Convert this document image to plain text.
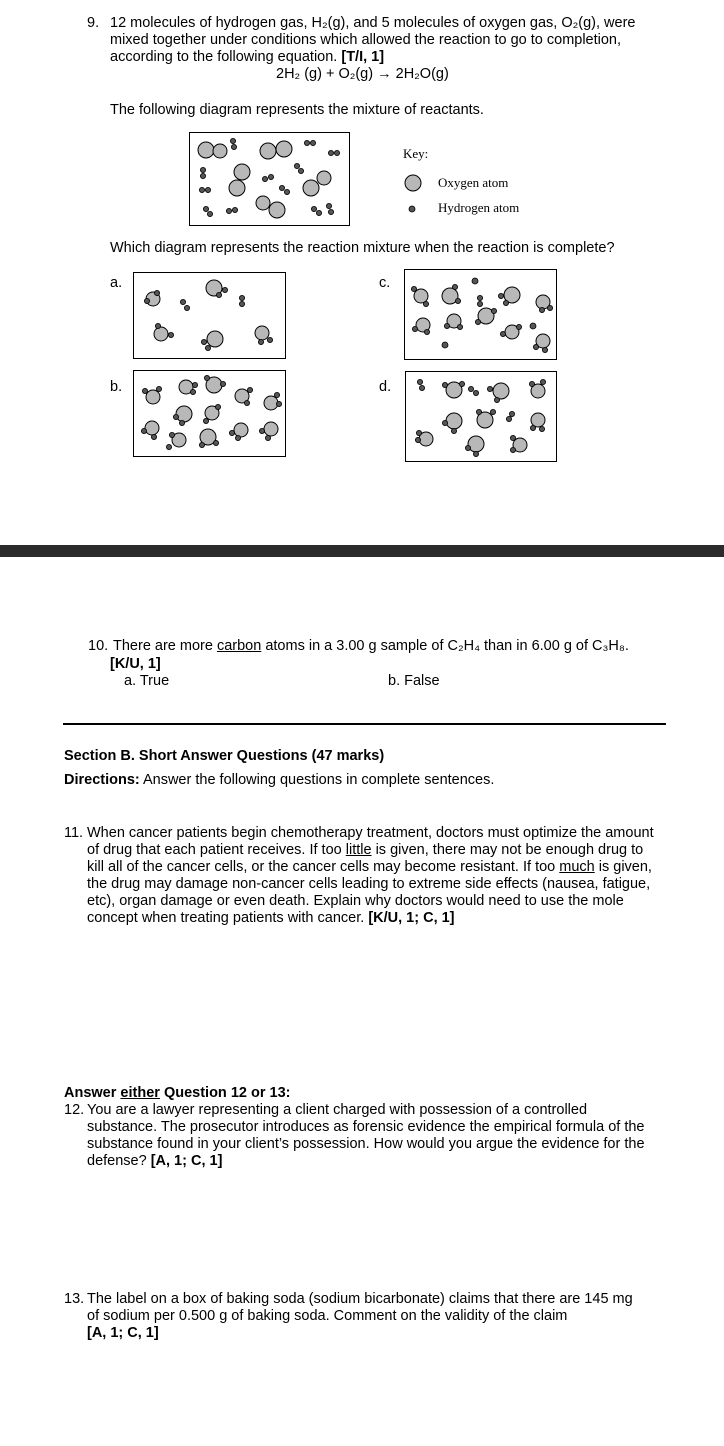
9. 12 molecules of hydrogen gas, H₂(g), and 5 molecules of oxygen gas, O₂(g), were
mixed together under conditions which allowed the reaction to go to completion,
according to the following equation. [T/I, 1]
2H₂ (g) + O₂(g) → 2H₂O(g)
The following diagram represents the mixture of reactants.
Key:
Oxygen atom
Hydrogen atom
Which diagram represents the reaction mixture when the reaction is complete?
a.
b.
c.
d.
10. There are more carbon atoms in a 3.00 g sample of C₂H₄ than in 6.00 g of C₃H₈.
[K/U, 1]
a. True	b. False
Section B. Short Answer Questions (47 marks)
Directions: Answer the following questions in complete sentences.
11. When cancer patients begin chemotherapy treatment, doctors must optimize the amount
of drug that each patient receives. If too little is given, there may not be enough drug to
kill all of the cancer cells, or the cancer cells may become resistant. If too much is given,
the drug may damage non-cancer cells leading to extreme side effects (nausea, fatigue,
etc), organ damage or even death. Explain why doctors would need to use the mole
concept when treating patients with cancer. [K/U, 1; C, 1]
Answer either Question 12 or 13:
12. You are a lawyer representing a client charged with possession of a controlled
substance. The prosecutor introduces as forensic evidence the empirical formula of the
substance found in your client’s possession. How would you argue the evidence for the
defense? [A, 1; C, 1]
13. The label on a box of baking soda (sodium bicarbonate) claims that there are 145 mg
of sodium per 0.500 g of baking soda. Comment on the validity of the claim
[A, 1; C, 1]
